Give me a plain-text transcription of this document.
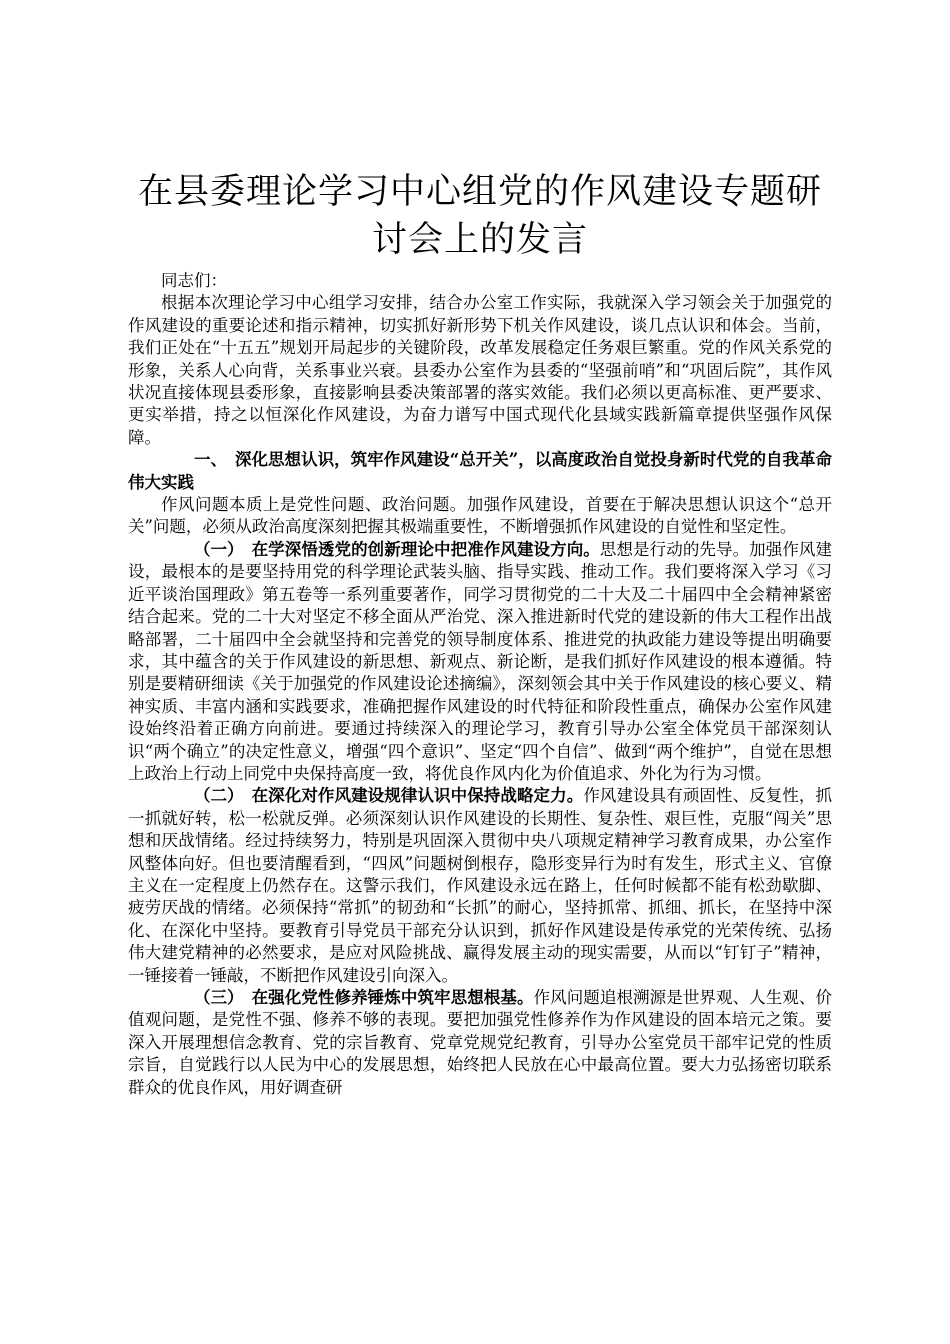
在县委理论学习中心组党的作风建设专题研讨会上的发言

同志们：

根据本次理论学习中心组学习安排，结合办公室工作实际，我就深入学习领会关于加强党的作风建设的重要论述和指示精神，切实抓好新形势下机关作风建设，谈几点认识和体会。当前，我们正处在“十五五”规划开局起步的关键阶段，改革发展稳定任务艰巨繁重。党的作风关系党的形象，关系人心向背，关系事业兴衰。县委办公室作为县委的“坚强前哨”和“巩固后院”，其作风状况直接体现县委形象，直接影响县委决策部署的落实效能。我们必须以更高标准、更严要求、更实举措，持之以恒深化作风建设，为奋力谱写中国式现代化县域实践新篇章提供坚强作风保障。

一、 深化思想认识，筑牢作风建设“总开关”，以高度政治自觉投身新时代党的自我革命伟大实践

作风问题本质上是党性问题、政治问题。加强作风建设，首要在于解决思想认识这个“总开关”问题，必须从政治高度深刻把握其极端重要性，不断增强抓作风建设的自觉性和坚定性。

（一） 在学深悟透党的创新理论中把准作风建设方向。思想是行动的先导。加强作风建设，最根本的是要坚持用党的科学理论武装头脑、指导实践、推动工作。我们要将深入学习《习近平谈治国理政》第五卷等一系列重要著作，同学习贯彻党的二十大及二十届四中全会精神紧密结合起来。党的二十大对坚定不移全面从严治党、深入推进新时代党的建设新的伟大工程作出战略部署，二十届四中全会就坚持和完善党的领导制度体系、推进党的执政能力建设等提出明确要求，其中蕴含的关于作风建设的新思想、新观点、新论断，是我们抓好作风建设的根本遵循。特别是要精研细读《关于加强党的作风建设论述摘编》，深刻领会其中关于作风建设的核心要义、精神实质、丰富内涵和实践要求，准确把握作风建设的时代特征和阶段性重点，确保办公室作风建设始终沿着正确方向前进。要通过持续深入的理论学习，教育引导办公室全体党员干部深刻认识“两个确立”的决定性意义，增强“四个意识”、坚定“四个自信”、做到“两个维护”，自觉在思想上政治上行动上同党中央保持高度一致，将优良作风内化为价值追求、外化为行为习惯。

（二） 在深化对作风建设规律认识中保持战略定力。作风建设具有顽固性、反复性，抓一抓就好转，松一松就反弹。必须深刻认识作风建设的长期性、复杂性、艰巨性，克服“闯关”思想和厌战情绪。经过持续努力，特别是巩固深入贯彻中央八项规定精神学习教育成果，办公室作风整体向好。但也要清醒看到，“四风”问题树倒根存，隐形变异行为时有发生，形式主义、官僚主义在一定程度上仍然存在。这警示我们，作风建设永远在路上，任何时候都不能有松劲歇脚、疲劳厌战的情绪。必须保持“常抓”的韧劲和“长抓”的耐心，坚持抓常、抓细、抓长，在坚持中深化、在深化中坚持。要教育引导党员干部充分认识到，抓好作风建设是传承党的光荣传统、弘扬伟大建党精神的必然要求，是应对风险挑战、赢得发展主动的现实需要，从而以“钉钉子”精神，一锤接着一锤敲，不断把作风建设引向深入。

（三） 在强化党性修养锤炼中筑牢思想根基。作风问题追根溯源是世界观、人生观、价值观问题，是党性不强、修养不够的表现。要把加强党性修养作为作风建设的固本培元之策。要深入开展理想信念教育、党的宗旨教育、党章党规党纪教育，引导办公室党员干部牢记党的性质宗旨，自觉践行以人民为中心的发展思想，始终把人民放在心中最高位置。要大力弘扬密切联系群众的优良作风，用好调查研
